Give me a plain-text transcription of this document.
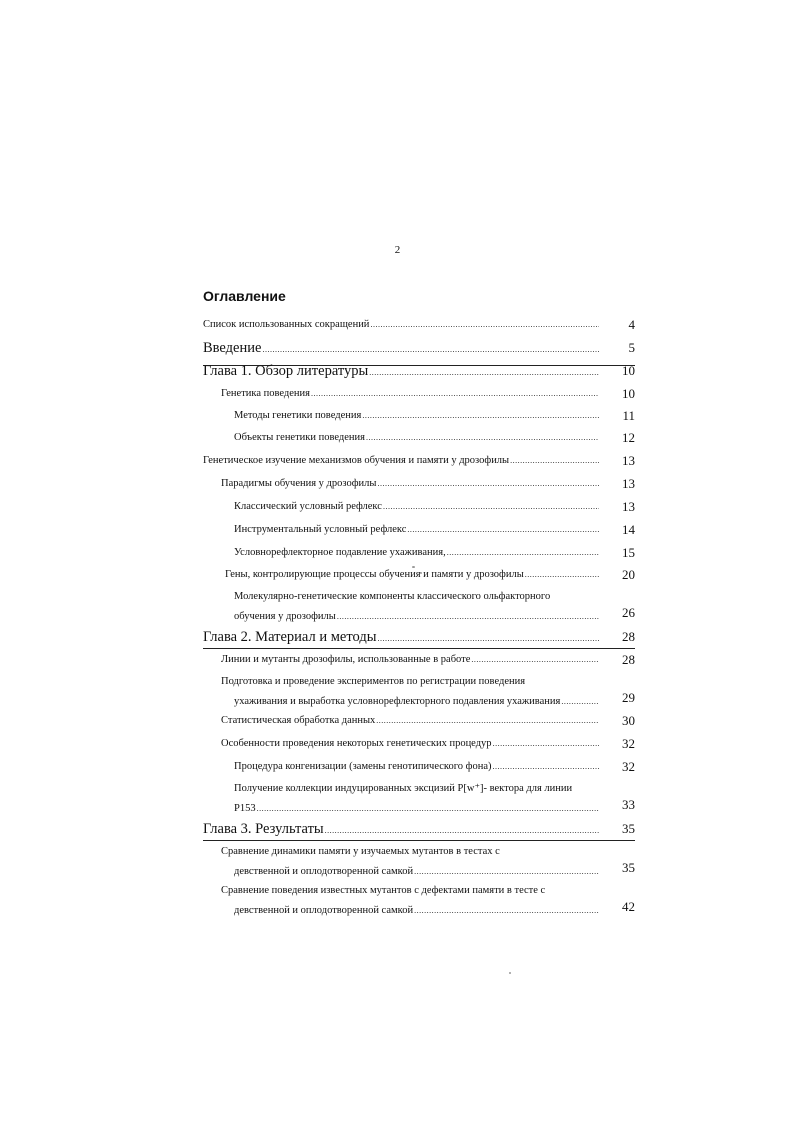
2
Оглавление
Список использованных сокращений .....	4
Введение .....	5
Глава 1. Обзор литературы .....	10
Генетика поведения .....	10
Методы генетики поведения .....	11
Объекты генетики поведения .....	12
Генетическое изучение механизмов обучения и памяти у дрозофилы .....	13
Парадигмы обучения у дрозофилы .....	13
Классический условный рефлекс .....	13
Инструментальный условный рефлекс .....	14
Условнорефлекторное подавление ухаживания, .....	15
Гены, контролирующие процессы обучения и памяти у дрозофилы .....	20
Молекулярно-генетические компоненты классического ольфакторного
обучения у дрозофилы .....	26
Глава 2. Материал и методы .....	28
Линии и мутанты дрозофилы, использованные в работе .....	28
Подготовка и проведение экспериментов по регистрации поведения
ухаживания и выработка условнорефлекторного подавления ухаживания .....	29
Статистическая обработка данных .....	30
Особенности проведения некоторых генетических процедур .....	32
Процедура конгенизации (замены генотипического фона) .....	32
Получение коллекции индуцированных эксцизий P[w⁺]- вектора для линии
P153 .....	33
Глава 3. Результаты .....	35
Сравнение динамики памяти у изучаемых мутантов в тестах с
девственной и оплодотворенной самкой .....	35
Сравнение поведения известных мутантов с дефектами памяти в тесте с
девственной и оплодотворенной самкой .....	42
